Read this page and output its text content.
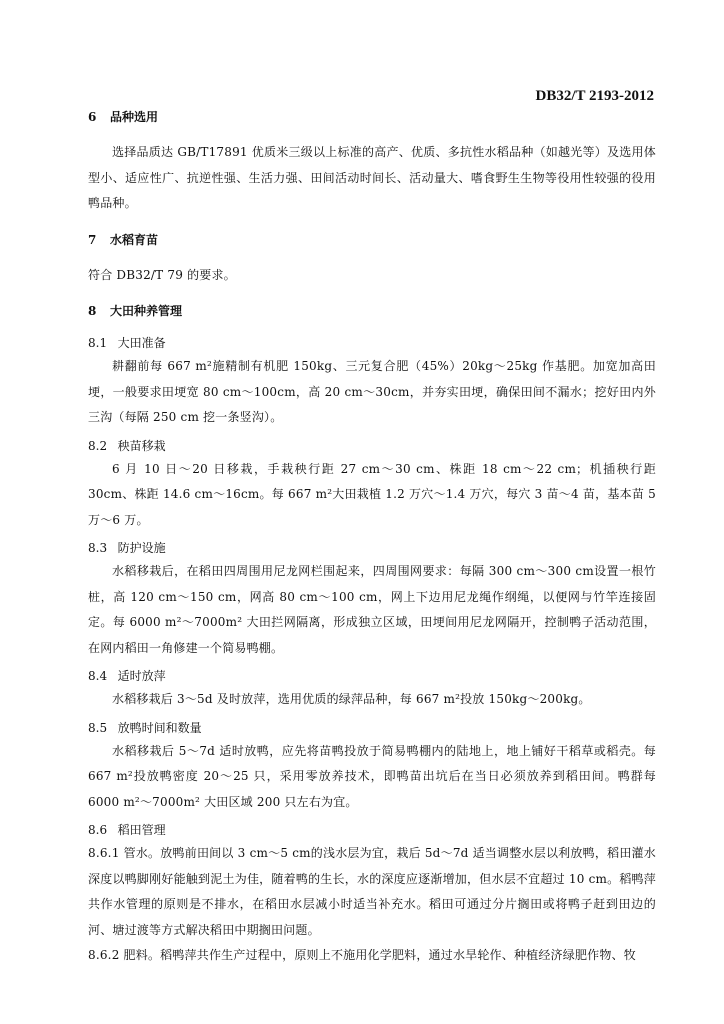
DB32/T 2193-2012

6 品种选用

选择品质达 GB/T17891 优质米三级以上标准的高产、优质、多抗性水稻品种（如越光等）及选用体型小、适应性广、抗逆性强、生活力强、田间活动时间长、活动量大、嗜食野生生物等役用性较强的役用鸭品种。

7 水稻育苗

符合 DB32/T 79 的要求。

8 大田种养管理

8.1 大田准备

耕翻前每 667 m²施精制有机肥 150kg、三元复合肥（45%）20kg～25kg 作基肥。加宽加高田埂，一般要求田埂宽 80 cm～100cm，高 20 cm～30cm，并夯实田埂，确保田间不漏水；挖好田内外三沟（每隔 250 cm 挖一条竖沟）。

8.2 秧苗移栽

6 月 10 日～20 日移栽，手栽秧行距 27 cm～30 cm、株距 18 cm～22 cm；机插秧行距 30cm、株距 14.6 cm～16cm。每 667 m²大田栽植 1.2 万穴～1.4 万穴，每穴 3 苗～4 苗，基本苗 5 万～6 万。

8.3 防护设施

水稻移栽后，在稻田四周围用尼龙网栏围起来，四周围网要求：每隔 300 cm～300 cm设置一根竹桩，高 120 cm～150 cm，网高 80 cm～100 cm，网上下边用尼龙绳作纲绳，以便网与竹竿连接固定。每 6000 m²～7000m² 大田拦网隔离，形成独立区域，田埂间用尼龙网隔开，控制鸭子活动范围，在网内稻田一角修建一个简易鸭棚。

8.4 适时放萍

水稻移栽后 3～5d 及时放萍，选用优质的绿萍品种，每 667 m²投放 150kg～200kg。

8.5 放鸭时间和数量

水稻移栽后 5～7d 适时放鸭，应先将苗鸭投放于简易鸭棚内的陆地上，地上铺好干稻草或稻壳。每 667 m²投放鸭密度 20～25 只，采用零放养技术，即鸭苗出坑后在当日必须放养到稻田间。鸭群每 6000 m²～7000m² 大田区域 200 只左右为宜。

8.6 稻田管理

8.6.1 管水。放鸭前田间以 3 cm～5 cm的浅水层为宜，栽后 5d～7d 适当调整水层以利放鸭，稻田灌水深度以鸭脚刚好能触到泥土为佳，随着鸭的生长，水的深度应逐渐增加，但水层不宜超过 10 cm。稻鸭萍共作水管理的原则是不排水，在稻田水层减小时适当补充水。稻田可通过分片搁田或将鸭子赶到田边的河、塘过渡等方式解决稻田中期搁田问题。

8.6.2 肥料。稻鸭萍共作生产过程中，原则上不施用化学肥料，通过水旱轮作、种植经济绿肥作物、牧
